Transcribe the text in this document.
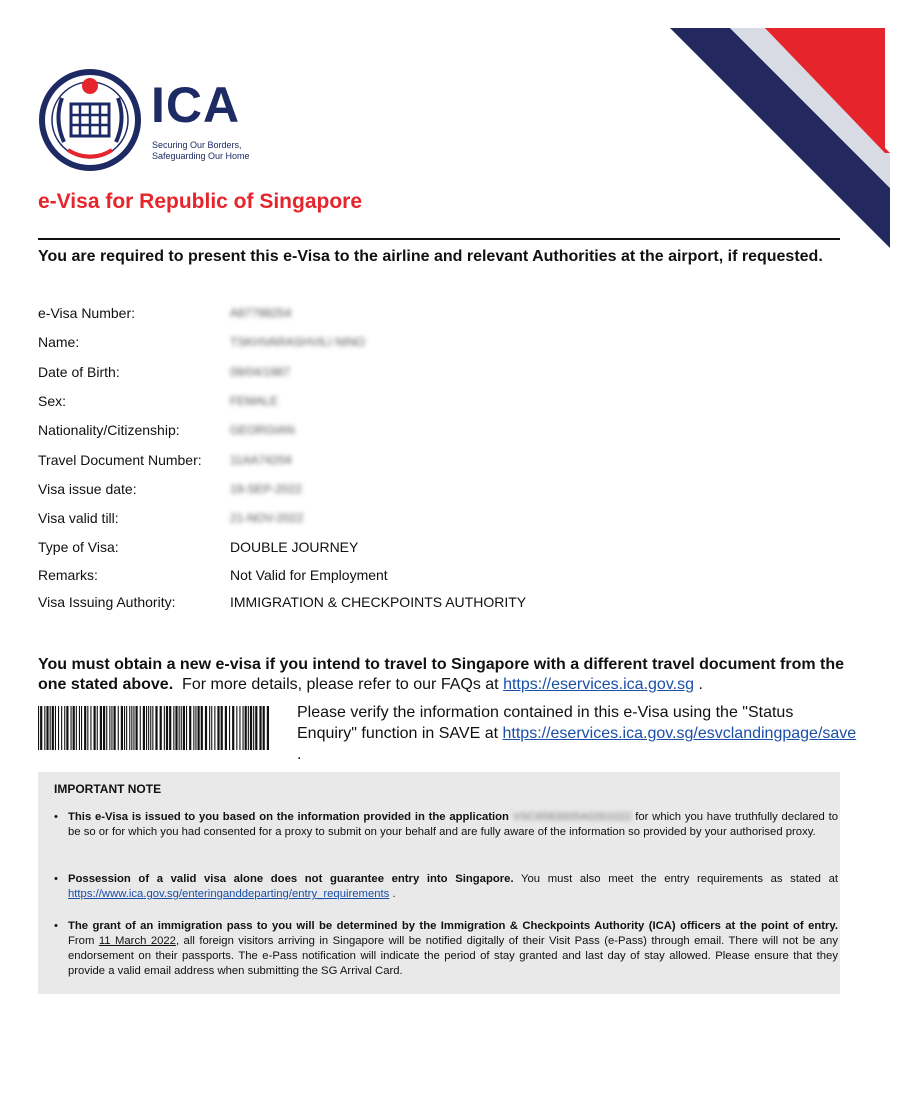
ICA
Securing Our Borders,
Safeguarding Our Home
e-Visa for Republic of Singapore
You are required to present this e-Visa to the airline and relevant Authorities at the airport, if requested.
e-Visa Number:	A87798254
Name:	TSKHVARASHVILI NINO
Date of Birth:	09/04/1987
Sex:	FEMALE
Nationality/Citizenship:	GEORGIAN
Travel Document Number:	11AA74204
Visa issue date:	19-SEP-2022
Visa valid till:	21-NOV-2022
Type of Visa:	DOUBLE JOURNEY
Remarks:	Not Valid for Employment
Visa Issuing Authority:	IMMIGRATION & CHECKPOINTS AUTHORITY
You must obtain a new e-visa if you intend to travel to Singapore with a different travel document from the one stated above. For more details, please refer to our FAQs at https://eservices.ica.gov.sg .
Please verify the information contained in this e-Visa using the "Status Enquiry" function in SAVE at https://eservices.ica.gov.sg/esvclandingpage/save .
IMPORTANT NOTE
• This e-Visa is issued to you based on the information provided in the application VSC6583005A0261022 for which you have truthfully declared to be so or for which you had consented for a proxy to submit on your behalf and are fully aware of the information so provided by your authorised proxy.
• Possession of a valid visa alone does not guarantee entry into Singapore. You must also meet the entry requirements as stated at https://www.ica.gov.sg/enteringanddeparting/entry_requirements .
• The grant of an immigration pass to you will be determined by the Immigration & Checkpoints Authority (ICA) officers at the point of entry. From 11 March 2022, all foreign visitors arriving in Singapore will be notified digitally of their Visit Pass (e-Pass) through email. There will not be any endorsement on their passports. The e-Pass notification will indicate the period of stay granted and last day of stay allowed. Please ensure that they provide a valid email address when submitting the SG Arrival Card.
